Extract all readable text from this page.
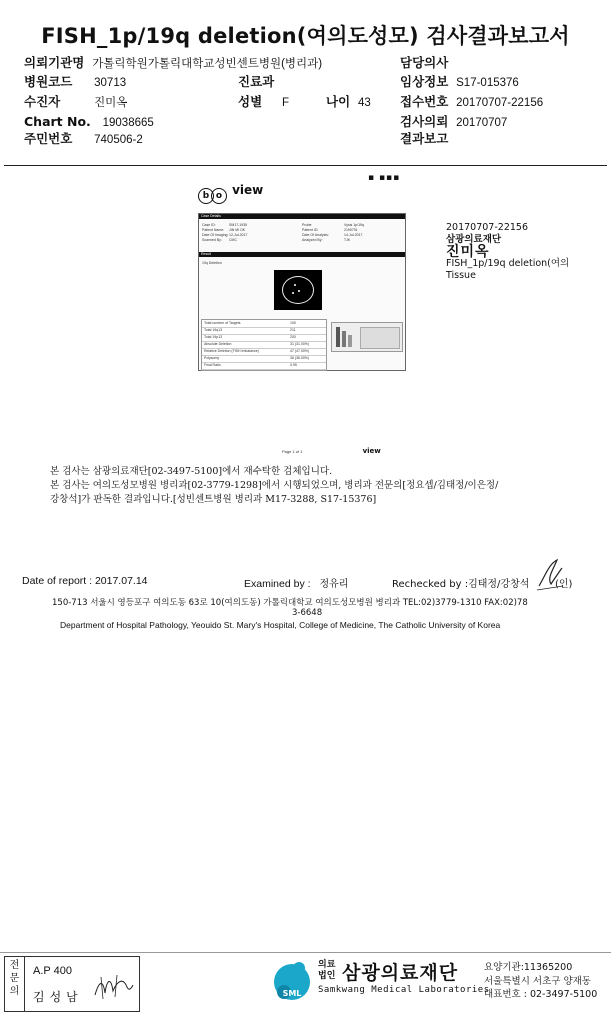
FISH_1p/19q deletion(여의도성모) 검사결과보고서
의뢰기관명 가톨릭학원가톨릭대학교성빈센트병원(병리과)	담당의사
병원코드 30713	진료과	임상정보 S17-015376
수진자	진미옥	성별 F	나이 43 접수번호 20170707-22156
Chart No. 19038665	검사의뢰 20170707
주민번호 740506-2	결과보고
▪ ▪▪▪
b o $^{view}$
Case Details
Case ID:	SM17-1935
Patient Name: JIN MI OK
Date Of Imaging: 12-Jul-2017
Scanned By: CMC
Probe:	Vysis 1p/19q
Patient ID:	2190791
Date Of Analysis:	14-Jul-2017
Analyzed By:	TJK
Result
19q Deletion
Total number of Targets	100
Total 19q13	211
Total 19p13	200
Absolute Deletion	31 (31.00%)
Relative Deletion (FISH Imbalance)	47 (47.00%)
Polysomy	36 (36.00%)
Final Ratio	0.95
Page 1 of 1	view
20170707-22156
삼광의료재단
진미옥
FISH_1p/19q deletion(여의
Tissue
본 검사는 삼광의료재단[02-3497-5100]에서 재수탁한 검체입니다.
본 검사는 여의도성모병원 병리과[02-3779-1298]에서 시행되었으며, 병리과 전문의[정요셉/김태정/이은정/
강창석]가 판독한 결과입니다.[성빈센트병원 병리과 M17-3288, S17-15376]
Date of report : 2017.07.14	Examined by : 정유리	Rechecked by :김태정/강창석	(인)
150-713 서울시 영등포구 여의도동 63로 10(여의도동) 가톨릭대학교 여의도성모병원 병리과 TEL:02)3779-1310 FAX:02)78
3-6648
Department of Hospital Pathology, Yeouido St. Mary's Hospital, College of Medicine, The Catholic University of Korea
전문의
A.P 400
김성남	SML
의료법인 삼광의료재단
Samkwang Medical Laboratories
요양기관:11365200
서울특별시 서초구 양재동
대표번호 : 02-3497-5100
